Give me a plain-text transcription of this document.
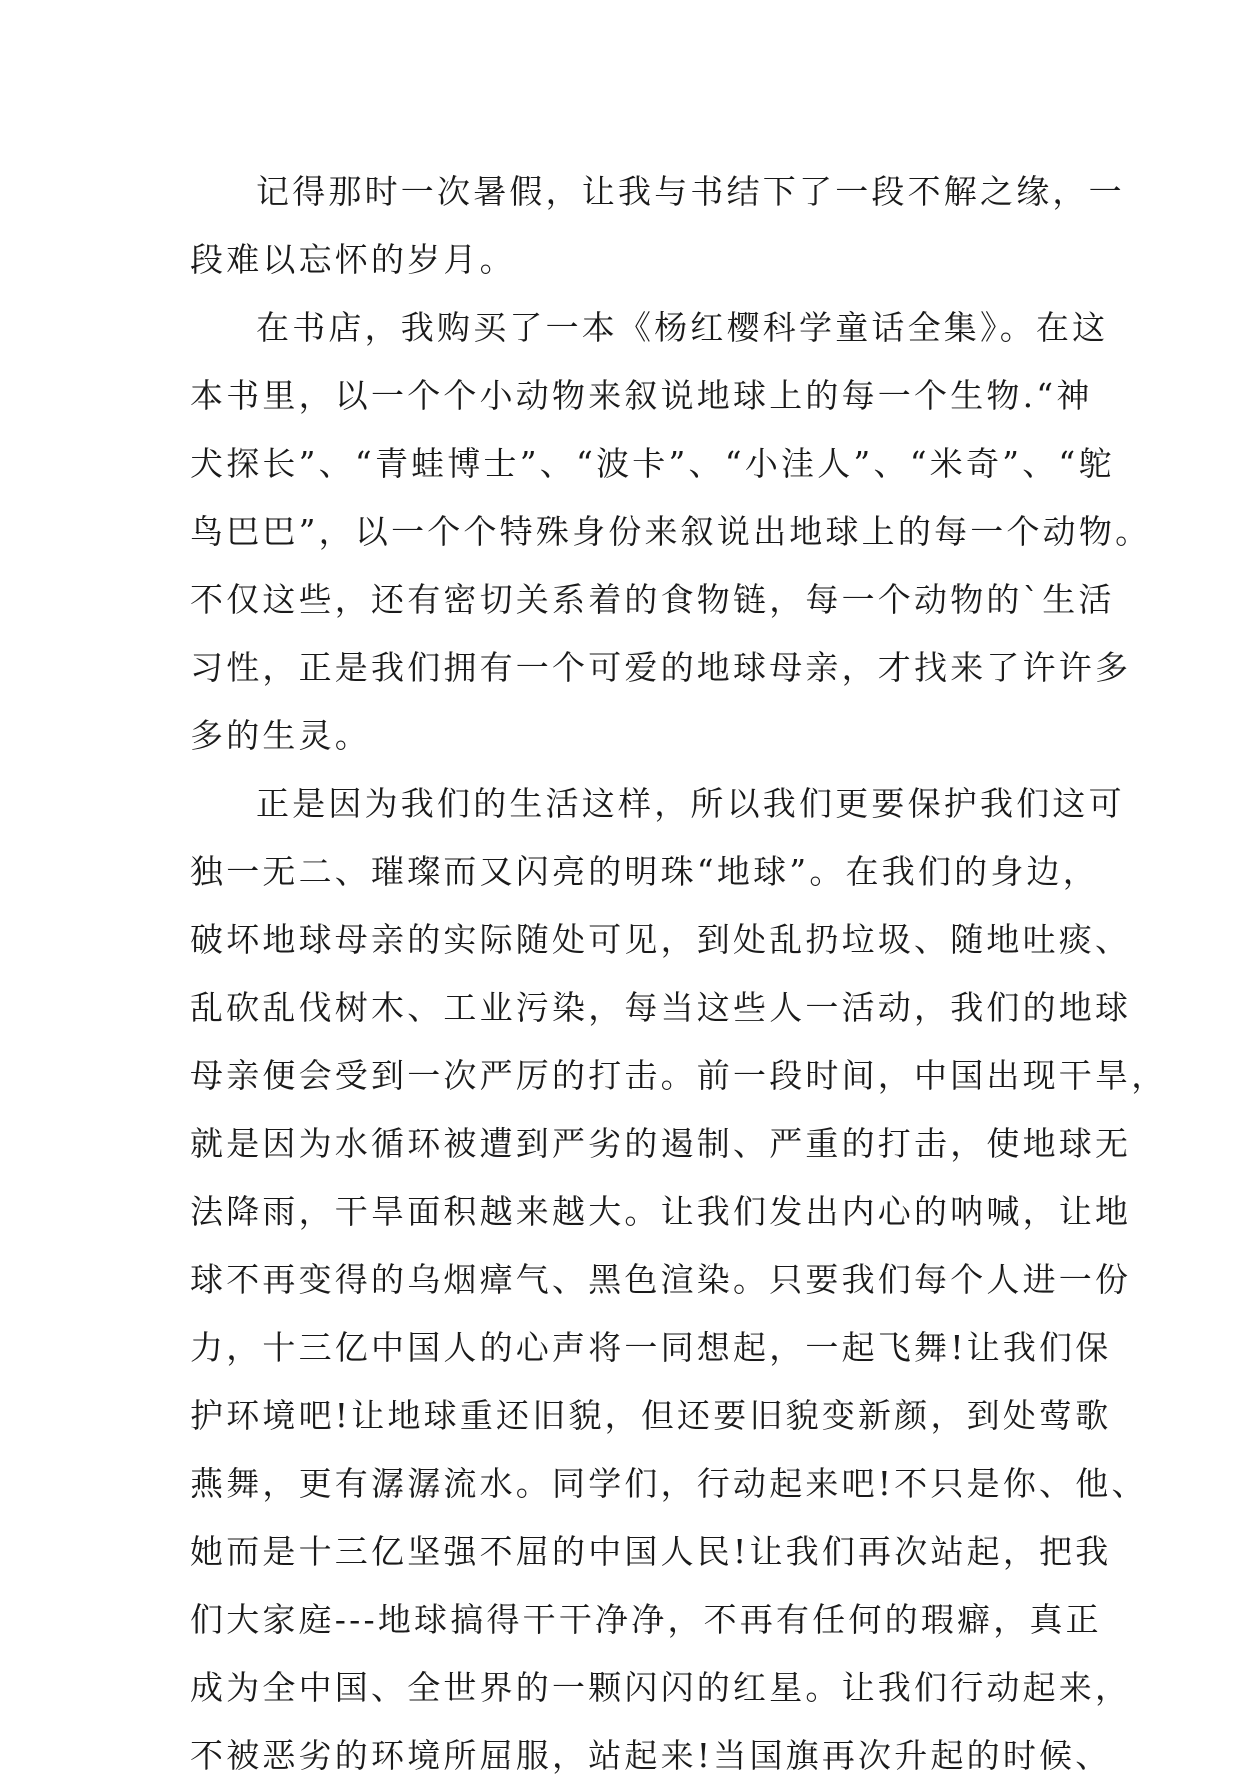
记得那时一次暑假，让我与书结下了一段不解之缘，一
段难以忘怀的岁月。
在书店，我购买了一本《杨红樱科学童话全集》。在这
本书里，以一个个小动物来叙说地球上的每一个生物.“神
犬探长”、“青蛙博士”、“波卡”、“小洼人”、“米奇”、“鸵
鸟巴巴”，以一个个特殊身份来叙说出地球上的每一个动物。
不仅这些，还有密切关系着的食物链，每一个动物的`生活
习性，正是我们拥有一个可爱的地球母亲，才找来了许许多
多的生灵。
正是因为我们的生活这样，所以我们更要保护我们这可
独一无二、璀璨而又闪亮的明珠“地球”。在我们的身边，
破坏地球母亲的实际随处可见，到处乱扔垃圾、随地吐痰、
乱砍乱伐树木、工业污染，每当这些人一活动，我们的地球
母亲便会受到一次严厉的打击。前一段时间，中国出现干旱，
就是因为水循环被遭到严劣的遏制、严重的打击，使地球无
法降雨，干旱面积越来越大。让我们发出内心的呐喊，让地
球不再变得的乌烟瘴气、黑色渲染。只要我们每个人进一份
力，十三亿中国人的心声将一同想起，一起飞舞!让我们保
护环境吧!让地球重还旧貌，但还要旧貌变新颜，到处莺歌
燕舞，更有潺潺流水。同学们，行动起来吧!不只是你、他、
她而是十三亿坚强不屈的中国人民!让我们再次站起，把我
们大家庭---地球搞得干干净净，不再有任何的瑕癖，真正
成为全中国、全世界的一颗闪闪的红星。让我们行动起来，
不被恶劣的环境所屈服，站起来!当国旗再次升起的时候、
